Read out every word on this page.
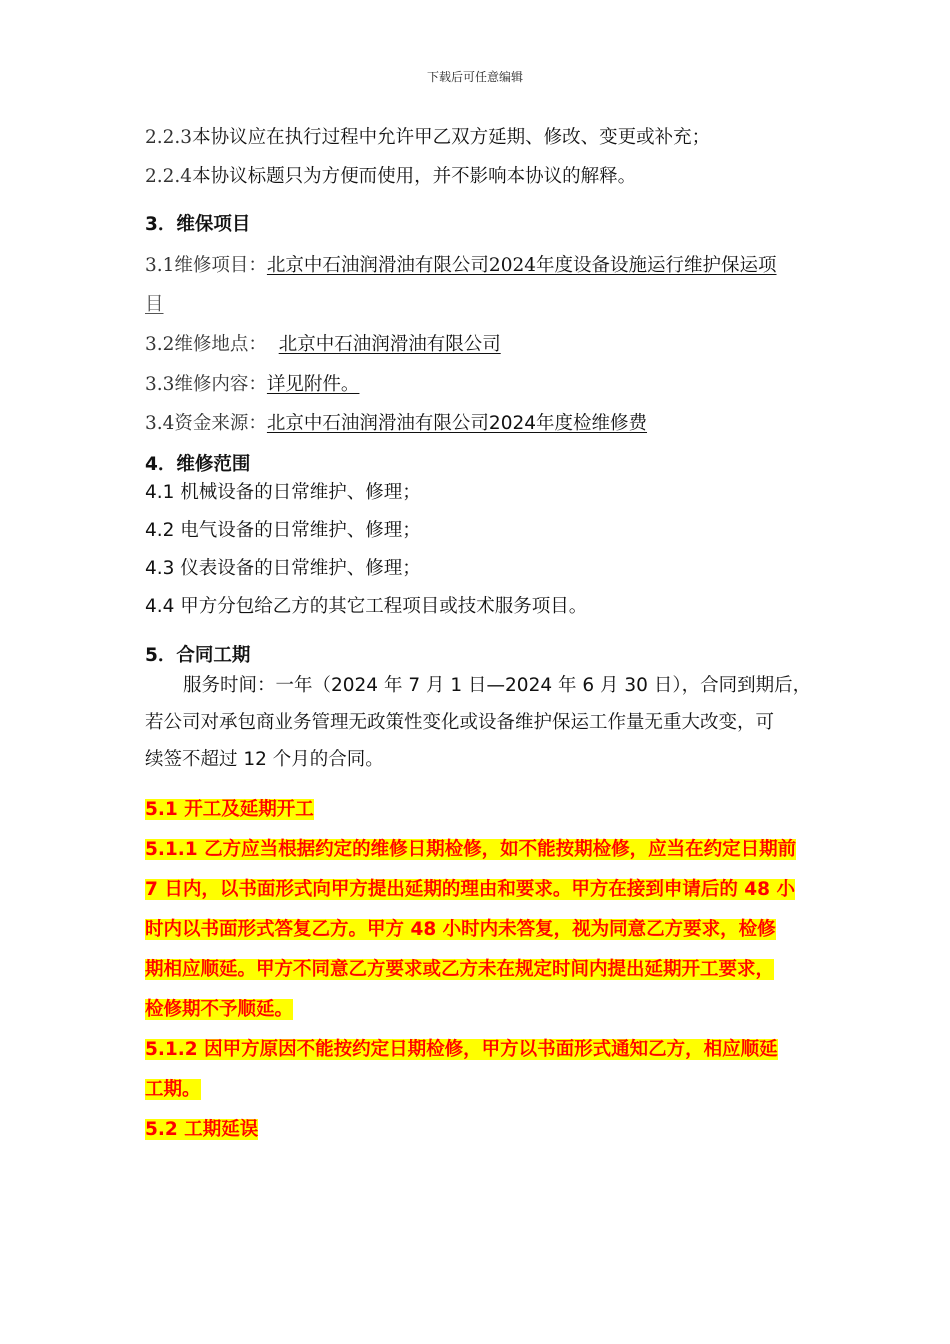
下载后可任意编辑
2.2.3本协议应在执行过程中允许甲乙双方延期、修改、变更或补充；
2.2.4本协议标题只为方便而使用，并不影响本协议的解释。
3．维保项目
3.1维修项目：北京中石油润滑油有限公司2024年度设备设施运行维护保运项
目
3.2维修地点： 北京中石油润滑油有限公司
3.3维修内容：详见附件。
3.4资金来源：北京中石油润滑油有限公司2024年度检维修费
4．维修范围
4.1 机械设备的日常维护、修理；
4.2 电气设备的日常维护、修理；
4.3 仪表设备的日常维护、修理；
4.4 甲方分包给乙方的其它工程项目或技术服务项目。
5．合同工期
服务时间：一年（2024 年 7 月 1 日—2024 年 6 月 30 日），合同到期后，
若公司对承包商业务管理无政策性变化或设备维护保运工作量无重大改变，可
续签不超过 12 个月的合同。
5.1 开工及延期开工
5.1.1 乙方应当根据约定的维修日期检修，如不能按期检修，应当在约定日期前
7 日内，以书面形式向甲方提出延期的理由和要求。甲方在接到申请后的 48 小
时内以书面形式答复乙方。甲方 48 小时内未答复，视为同意乙方要求，检修
期相应顺延。甲方不同意乙方要求或乙方未在规定时间内提出延期开工要求，
检修期不予顺延。
5.1.2 因甲方原因不能按约定日期检修，甲方以书面形式通知乙方，相应顺延
工期。
5.2 工期延误
